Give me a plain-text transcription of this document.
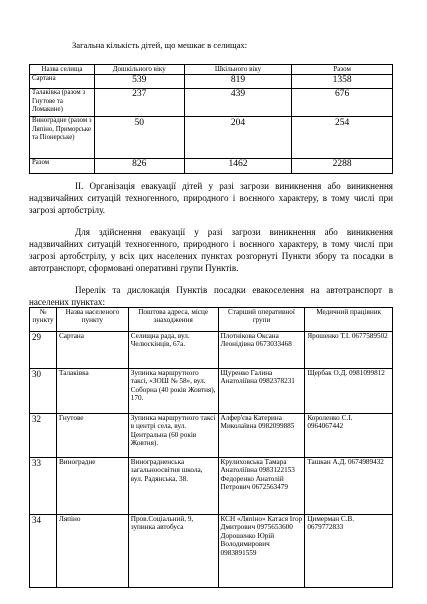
Загальна кількість дітей, що мешкає в селищах:
Назва селища	Дошкільного віку	Шкільного віку	Разом
Сартана	539	819	1358
Талаківка (разом з Гнутове та Ломакине)	237	439	676
Виноградне (разом з Ляпіно, Приморське та Піонерське)	50	204	254
Разом	826	1462	2288
ІІ. Організація евакуації дітей у разі загрози виникнення або виникнення надзвичайних ситуацій техногенного, природного і воєнного характеру, в тому числі при загрозі артобстрілу.
Для здійснення евакуації у разі загрози виникнення або виникнення надзвичайних ситуацій техногенного, природного і воєнного характеру, в тому числі при загрозі артобстрілу, у всіх цих населених пунктах розгорнуті Пункти збору та посадки в автотранспорт, сформовані оперативні групи Пунктів.
Перелік та дислокація Пунктів посадки евакоселення на автотранспорт в населених пунктах:
№ пункту	Назва населеного пункту	Поштова адреса, місце знаходження	Старший оперативної групи	Медичний працівник
29	Сартана	Селищна рада, вул. Челюскінців, 67а.	Плотнікова Оксана Леонідівна 0673033468	Ярошенко Т.І. 0677589502
30	Талаківка	Зупинка маршрутного таксі, «ЗОШ № 58», вул. Соборна (40 років Жовтня), 170.	Щуренко Галина Анатоліївна 0982378231	Щербак О.Д. 0981099812
32	Гнутове	Зупинка маршрутного таксі в центрі села, вул. Центральна (60 років Жовтня).	Алфер'єва Катерина Миколаївна 0982099885	Короленко С.І. 0964067442
33	Виноградне	Виноградненська загальноосвітня школа, вул. Радянська, 38.	Крулиховська Тамара Анатоліївна 0983122153 Федоренко Анатолій Петрович 0672563479	Ташкан А.Д. 0674989432
34	Ляпіно	Пров.Соціальний, 9, зупинка автобуса	КСН «Ляпіно» Катася Ігор Дмитрович 0975653600 Дорошенко Юрій Володимирович 0983891559	Цимерман С.В. 0679772833
